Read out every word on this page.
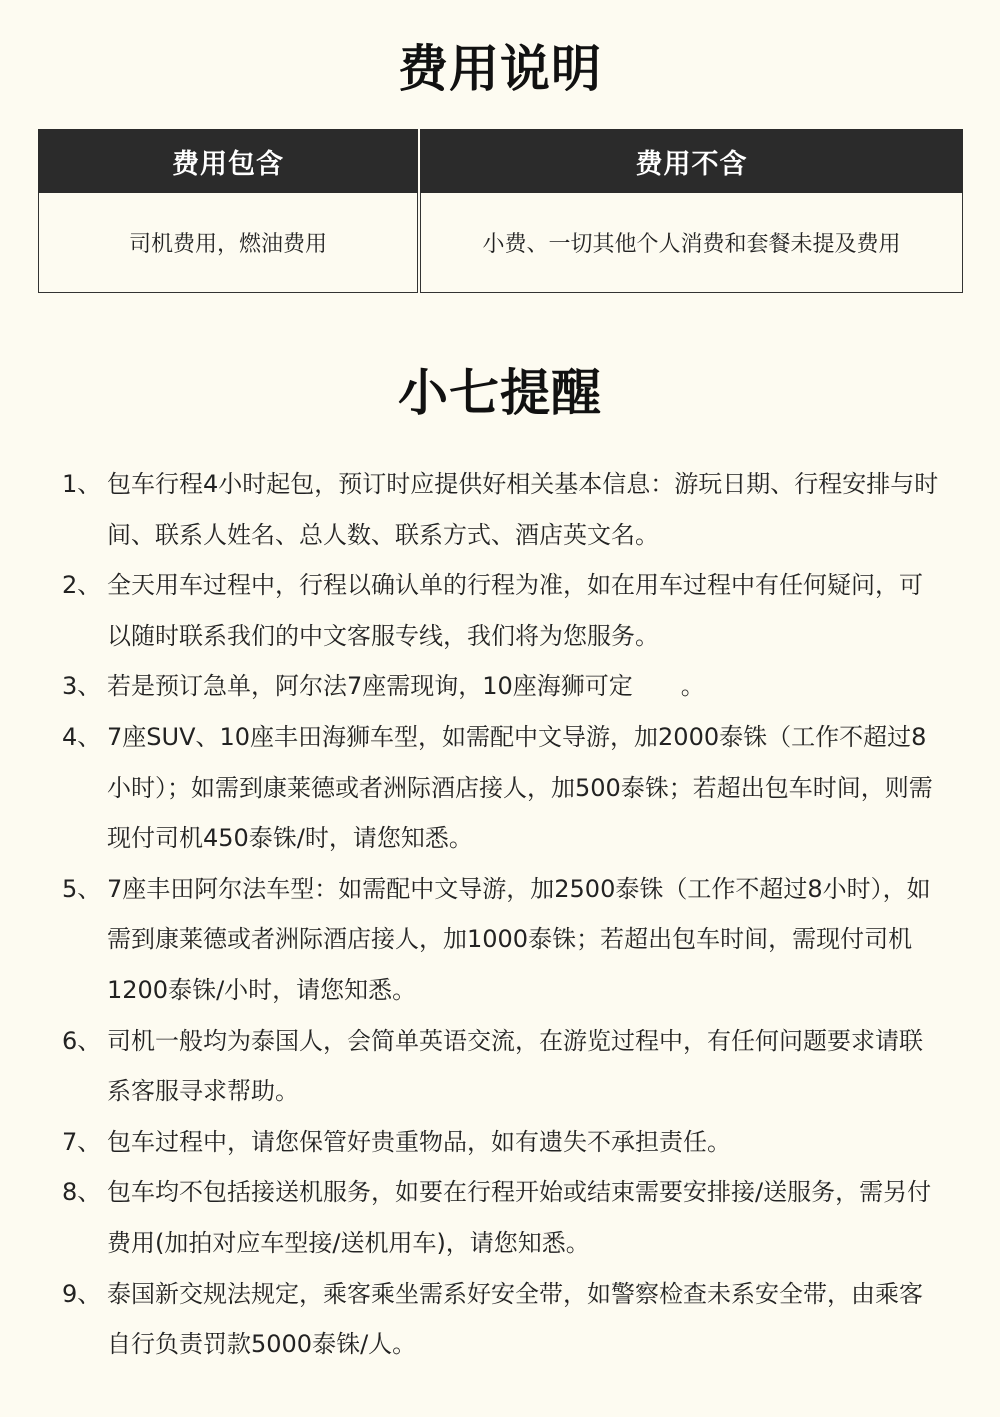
费用说明
费用包含
司机费用，燃油费用
费用不含
小费、一切其他个人消费和套餐未提及费用
小七提醒
1、 包车行程4小时起包，预订时应提供好相关基本信息：游玩日期、行程安排与时间、联系人姓名、总人数、联系方式、酒店英文名。
2、 全天用车过程中，行程以确认单的行程为准，如在用车过程中有任何疑问，可以随时联系我们的中文客服专线，我们将为您服务。
3、 若是预订急单，阿尔法7座需现询，10座海狮可定　　。
4、 7座SUV、10座丰田海狮车型，如需配中文导游，加2000泰铢（工作不超过8小时）；如需到康莱德或者洲际酒店接人，加500泰铢；若超出包车时间，则需现付司机450泰铢/时，请您知悉。
5、 7座丰田阿尔法车型：如需配中文导游，加2500泰铢（工作不超过8小时），如需到康莱德或者洲际酒店接人，加1000泰铢；若超出包车时间，需现付司机1200泰铢/小时，请您知悉。
6、 司机一般均为泰国人，会简单英语交流，在游览过程中，有任何问题要求请联系客服寻求帮助。
7、 包车过程中，请您保管好贵重物品，如有遗失不承担责任。
8、 包车均不包括接送机服务，如要在行程开始或结束需要安排接/送服务，需另付费用(加拍对应车型接/送机用车)，请您知悉。
9、 泰国新交规法规定，乘客乘坐需系好安全带，如警察检查未系安全带，由乘客自行负责罚款5000泰铢/人。
